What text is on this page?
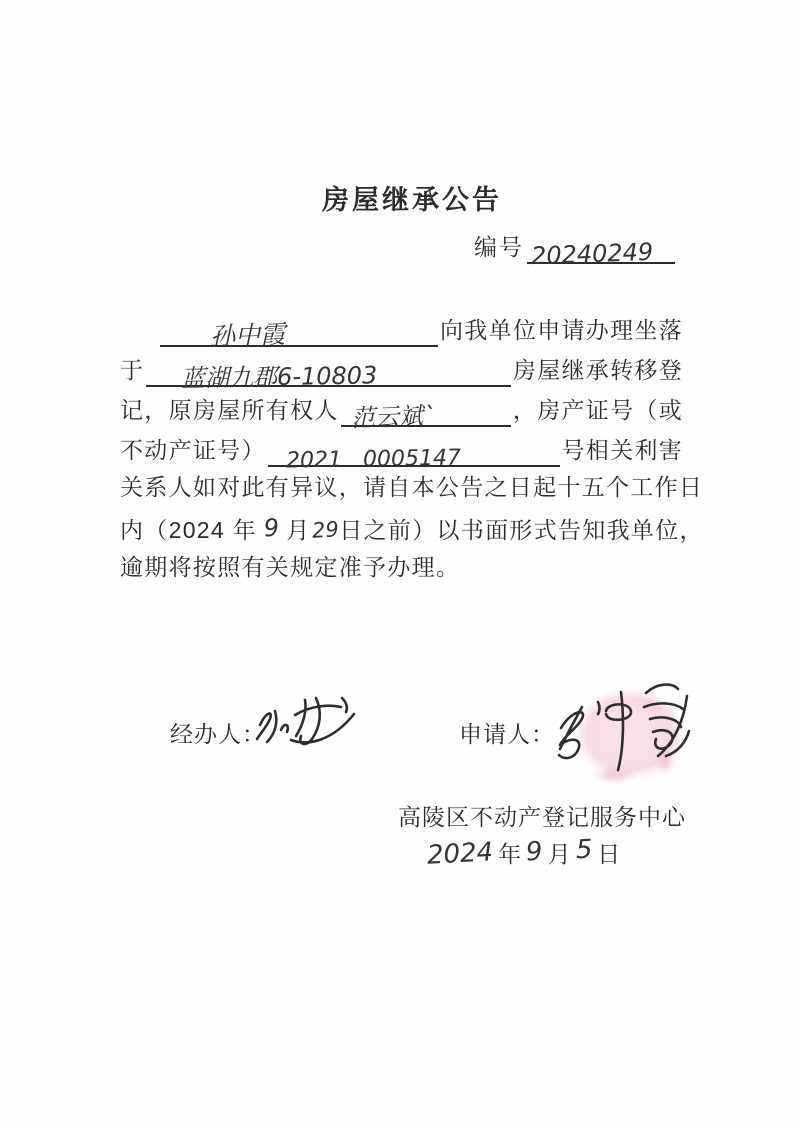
房屋继承公告
编号 20240249
孙中霞	向我单位申请办理坐落
于 蓝湖九郡6-10803	房屋继承转移登
记，原房屋所有权人 范云斌ˋ	，房产证号（或
不动产证号） 2021 0005147	号相关利害
关系人如对此有异议，请自本公告之日起十五个工作日
内（2024 年 9 月 29 日之前）以书面形式告知我单位，
逾期将按照有关规定准予办理。
经办人：	申请人：
高陵区不动产登记服务中心
2024 年 9 月 5 日
